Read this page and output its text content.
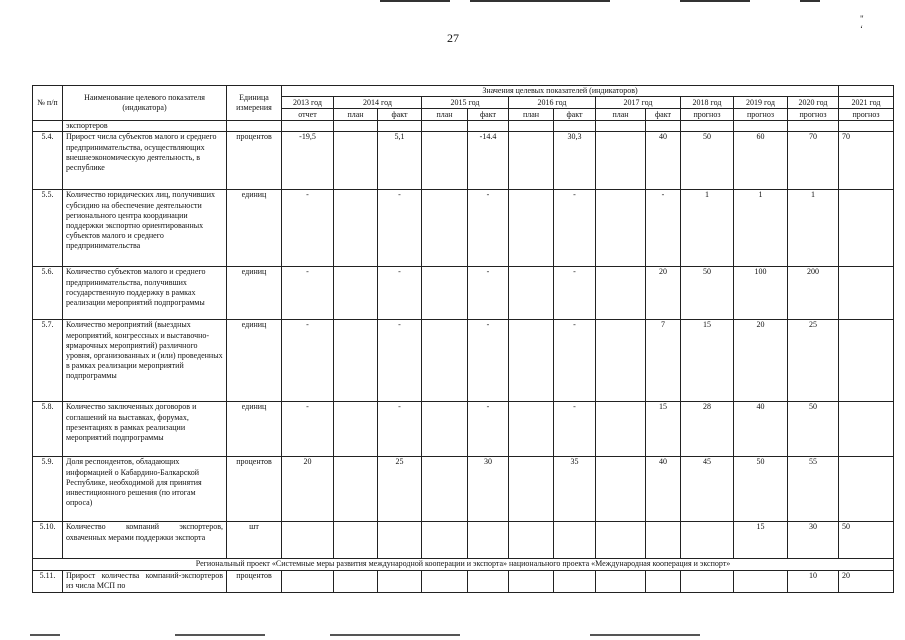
27
" ‘
№ п/п	Наименование целевого показателя (индикатора)	Единица измерения	Значения целевых показателей (индикаторов)												
			2013 год	2014 год		2015 год		2016 год		2017 год		2018 год	2019 год	2020 год	2021 год
			отчет	план	факт	план	факт	план	факт	план	факт	прогноз	прогноз	прогноз	прогноз
	экспортеров														
5.4.	Прирост числа субъектов малого и среднего предпринимательства, осуществляющих внешнеэкономическую деятельность, в республике	процентов	-19,5		5,1		-14.4		30,3		40	50	60	70	70
5.5.	Количество юридических лиц, получивших субсидию на обеспечение деятельности регионального центра координации поддержки экспортно ориентированных субъектов малого и среднего предпринимательства	единиц	-		-		-		-		-	1	1	1	
5.6.	Количество субъектов малого и среднего предпринимательства, получивших государственную поддержку в рамках реализации мероприятий подпрограммы	единиц	-		-		-		-		20	50	100	200	
5.7.	Количество мероприятий (выездных мероприятий, конгрессных и выставочно-ярмарочных мероприятий) различного уровня, организованных и (или) проведенных в рамках реализации мероприятий подпрограммы	единиц	-		-		-		-		7	15	20	25	
5.8.	Количество заключенных договоров и соглашений на выставках, форумах, презентациях в рамках реализации мероприятий подпрограммы	единиц	-		-		-		-		15	28	40	50	
5.9.	Доля респондентов, обладающих информацией о Кабардино-Балкарской Республике, необходимой для принятия инвестиционного решения (по итогам опроса)	процентов	20		25		30		35		40	45	50	55	
5.10.	Количество компаний экспортеров, охваченных мерами поддержки экспорта	шт											15	30	50
Региональный проект «Системные меры развития международной кооперации и экспорта» национального проекта «Международная кооперация и экспорт»															
5.11.	Прирост количества компаний-экспортеров из числа МСП по	процентов												10	20
